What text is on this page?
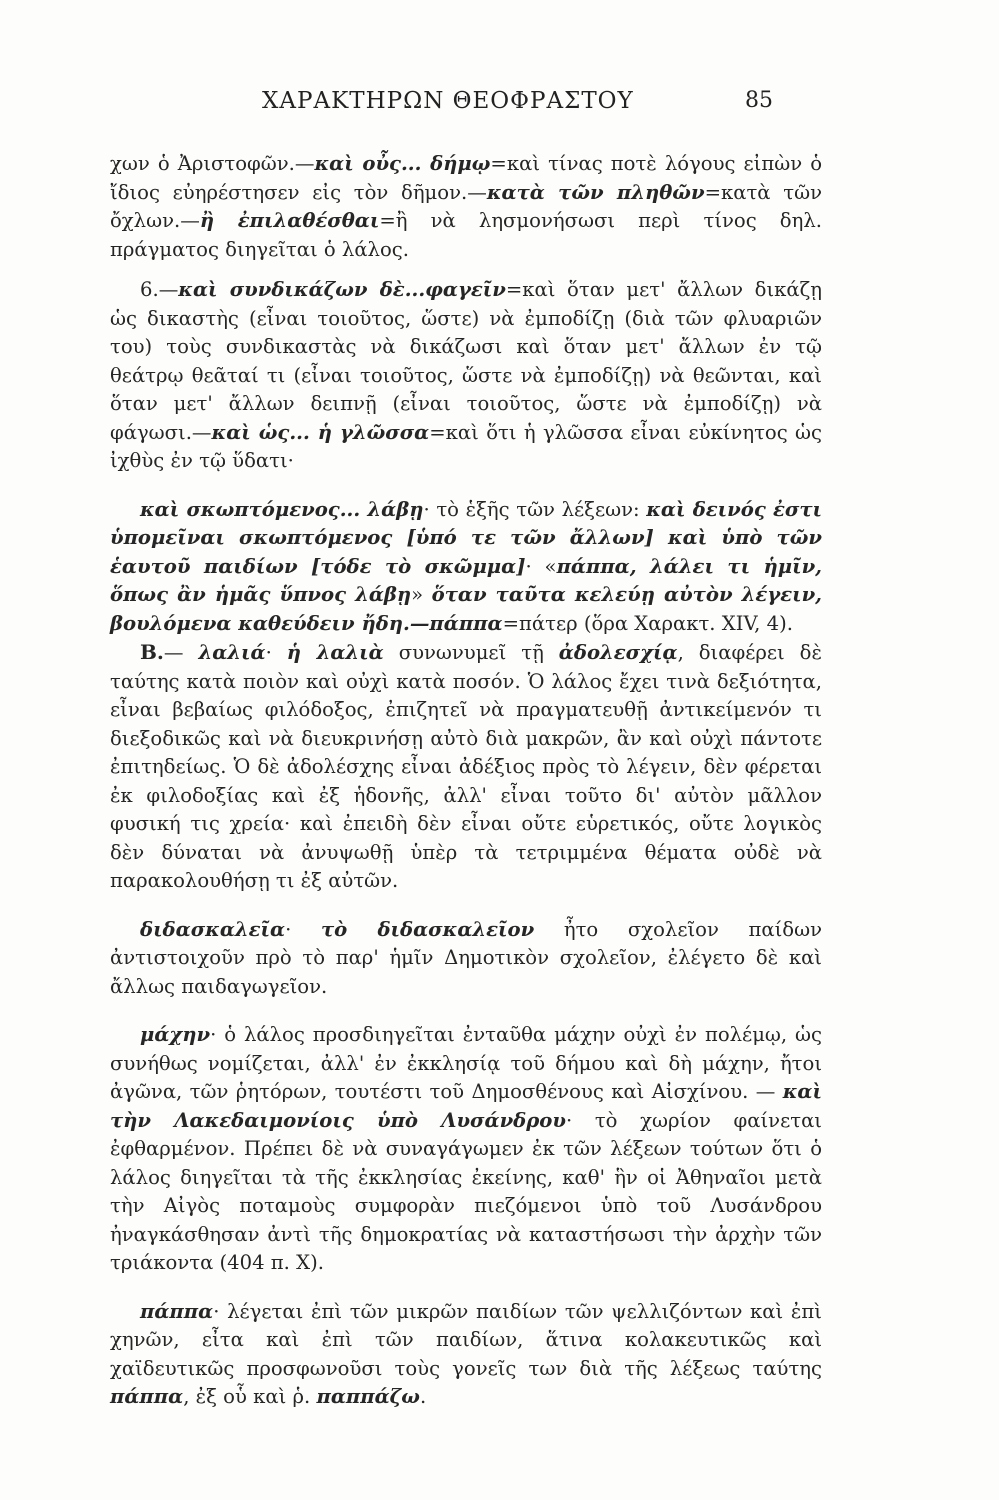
ΧΑΡΑΚΤΗΡΩΝ ΘΕΟΦΡΑΣΤΟΥ	85

χων ὁ Ἀριστοφῶν.—καὶ οὖς... δήμῳ=καὶ τίνας ποτὲ λόγους εἰπὼν ὁ ἴδιος εὐηρέστησεν εἰς τὸν δῆμον.—κατὰ τῶν πληθῶν=κατὰ τῶν ὄχλων.—ἢ ἐπιλαθέσθαι=ἢ νὰ λησμονήσωσι περὶ τίνος δηλ. πράγματος διηγεῖται ὁ λάλος.

6.—καὶ συνδικάζων δὲ...φαγεῖν=καὶ ὅταν μετ' ἄλλων δικάζῃ ὡς δικαστὴς (εἶναι τοιοῦτος, ὥστε) νὰ ἐμποδίζῃ (διὰ τῶν φλυαριῶν του) τοὺς συνδικαστὰς νὰ δικάζωσι καὶ ὅταν μετ' ἄλλων ἐν τῷ θεάτρῳ θεᾶταί τι (εἶναι τοιοῦτος, ὥστε νὰ ἐμποδίζῃ) νὰ θεῶνται, καὶ ὅταν μετ' ἄλλων δειπνῇ (εἶναι τοιοῦτος, ὥστε νὰ ἐμποδίζῃ) νὰ φάγωσι.—καὶ ὡς... ἡ γλῶσσα=καὶ ὅτι ἡ γλῶσσα εἶναι εὐκίνητος ὡς ἰχθὺς ἐν τῷ ὕδατι·

καὶ σκωπτόμενος... λάβῃ· τὸ ἑξῆς τῶν λέξεων: καὶ δεινός ἐστι ὑπομεῖναι σκωπτόμενος [ὑπό τε τῶν ἄλλων] καὶ ὑπὸ τῶν ἑαυτοῦ παιδίων [τόδε τὸ σκῶμμα]· «πάππα, λάλει τι ἡμῖν, ὅπως ἂν ἡμᾶς ὕπνος λάβῃ» ὅταν ταῦτα κελεύῃ αὐτὸν λέγειν, βουλόμενα καθεύδειν ἤδη.—πάππα=πάτερ (ὅρα Χαρακτ. XIV, 4).

B.— λαλιά· ἡ λαλιὰ συνωνυμεῖ τῇ ἀδολεσχίᾳ, διαφέρει δὲ ταύτης κατὰ ποιὸν καὶ οὐχὶ κατὰ ποσόν. Ὁ λάλος ἔχει τινὰ δεξιότητα, εἶναι βεβαίως φιλόδοξος, ἐπιζητεῖ νὰ πραγματευθῇ ἀντικείμενόν τι διεξοδικῶς καὶ νὰ διευκρινήσῃ αὐτὸ διὰ μακρῶν, ἂν καὶ οὐχὶ πάντοτε ἐπιτηδείως. Ὁ δὲ ἀδολέσχης εἶναι ἀδέξιος πρὸς τὸ λέγειν, δὲν φέρεται ἐκ φιλοδοξίας καὶ ἐξ ἡδονῆς, ἀλλ' εἶναι τοῦτο δι' αὐτὸν μᾶλλον φυσική τις χρεία· καὶ ἐπειδὴ δὲν εἶναι οὔτε εὑρετικός, οὔτε λογικὸς δὲν δύναται νὰ ἀνυψωθῇ ὑπὲρ τὰ τετριμμένα θέματα οὐδὲ νὰ παρακολουθήσῃ τι ἐξ αὐτῶν.

διδασκαλεῖα· τὸ διδασκαλεῖον ἦτο σχολεῖον παίδων ἀντιστοιχοῦν πρὸ τὸ παρ' ἡμῖν Δημοτικὸν σχολεῖον, ἐλέγετο δὲ καὶ ἄλλως παιδαγωγεῖον.

μάχην· ὁ λάλος προσδιηγεῖται ἐνταῦθα μάχην οὐχὶ ἐν πολέμῳ, ὡς συνήθως νομίζεται, ἀλλ' ἐν ἐκκλησίᾳ τοῦ δήμου καὶ δὴ μάχην, ἤτοι ἀγῶνα, τῶν ῥητόρων, τουτέστι τοῦ Δημοσθένους καὶ Αἰσχίνου. — καὶ τὴν Λακεδαιμονίοις ὑπὸ Λυσάνδρου· τὸ χωρίον φαίνεται ἐφθαρμένον. Πρέπει δὲ νὰ συναγάγωμεν ἐκ τῶν λέξεων τούτων ὅτι ὁ λάλος διηγεῖται τὰ τῆς ἐκκλησίας ἐκείνης, καθ' ἣν οἱ Ἀθηναῖοι μετὰ τὴν Αἰγὸς ποταμοὺς συμφορὰν πιεζόμενοι ὑπὸ τοῦ Λυσάνδρου ἠναγκάσθησαν ἀντὶ τῆς δημοκρατίας νὰ καταστήσωσι τὴν ἀρχὴν τῶν τριάκοντα (404 π. Χ).

πάππα· λέγεται ἐπὶ τῶν μικρῶν παιδίων τῶν ψελλιζόντων καὶ ἐπὶ χηνῶν, εἶτα καὶ ἐπὶ τῶν παιδίων, ἅτινα κολακευτικῶς καὶ χαϊδευτικῶς προσφωνοῦσι τοὺς γονεῖς των διὰ τῆς λέξεως ταύτης πάππα, ἐξ οὗ καὶ ῥ. παππάζω.
